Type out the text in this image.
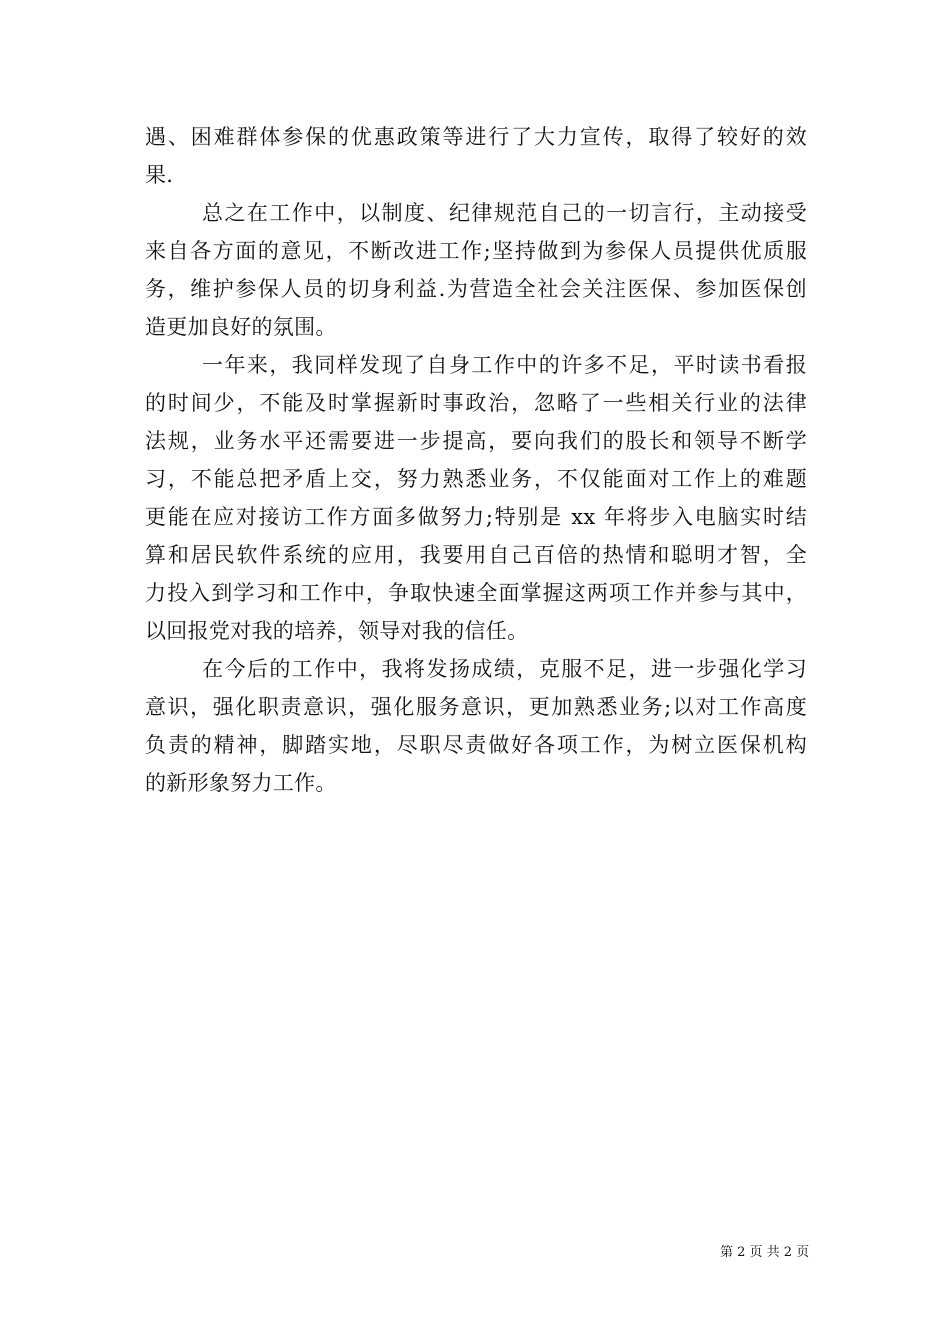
遇、困难群体参保的优惠政策等进行了大力宣传，取得了较好的效
果.
总之在工作中，以制度、纪律规范自己的一切言行，主动接受
来自各方面的意见，不断改进工作;坚持做到为参保人员提供优质服
务，维护参保人员的切身利益.为营造全社会关注医保、参加医保创
造更加良好的氛围。
一年来，我同样发现了自身工作中的许多不足，平时读书看报
的时间少，不能及时掌握新时事政治，忽略了一些相关行业的法律
法规，业务水平还需要进一步提高，要向我们的股长和领导不断学
习，不能总把矛盾上交，努力熟悉业务，不仅能面对工作上的难题
更能在应对接访工作方面多做努力;特别是 xx 年将步入电脑实时结
算和居民软件系统的应用，我要用自己百倍的热情和聪明才智，全
力投入到学习和工作中，争取快速全面掌握这两项工作并参与其中，
以回报党对我的培养，领导对我的信任。
在今后的工作中，我将发扬成绩，克服不足，进一步强化学习
意识，强化职责意识，强化服务意识，更加熟悉业务;以对工作高度
负责的精神，脚踏实地，尽职尽责做好各项工作，为树立医保机构
的新形象努力工作。
第 2 页 共 2 页
